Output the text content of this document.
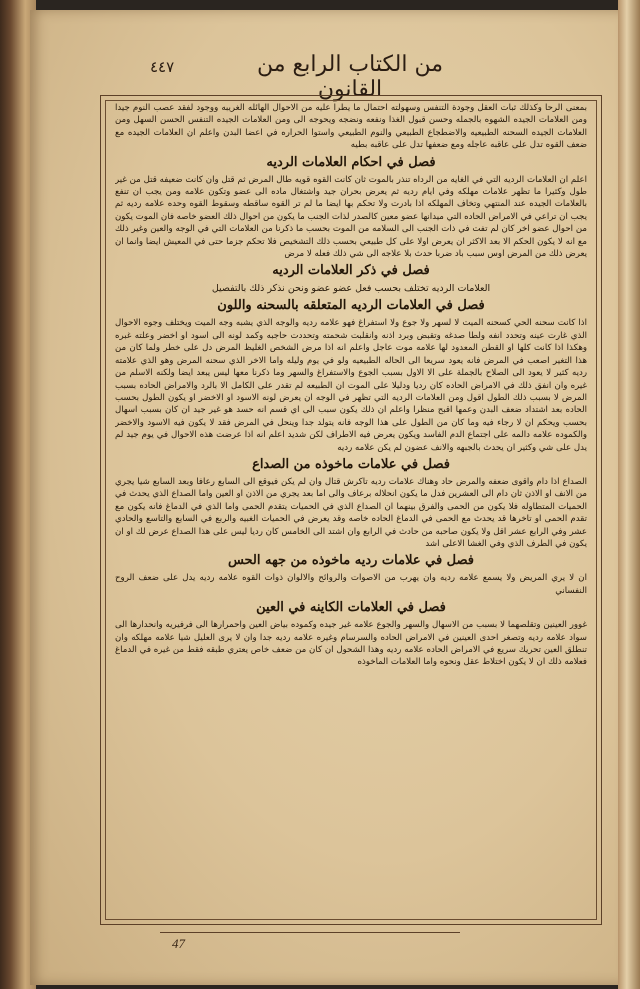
٤٤٧	من الكتاب الرابع من القانون

بمعنى الرحا وكذلك ثبات العقل وجودة التنفس وسهولته احتمال ما يطرا عليه من الاحوال الهائله الغريبه ووجود لفقد عصب النوم جيدا ومن العلامات الجيده الشهوه بالجمله وحسن قبول الغذا ونفعه ونضجه ويحوجه الى ومن العلامات الجيده التنفس الحسن السهل ومن العلامات الجيده السحنه الطبيعيه والاضطجاع الطبيعي والنوم الطبيعي واستوا الحراره في اعضا البدن واعلم ان العلامات الجيده مع ضعف القوه تدل على عاقبه عاجله ومع ضعفها تدل على عاقبه بطيه

فصل في احكام العلامات الرديه

اعلم ان العلامات الرديه التي في الغايه من الرداه تنذر بالموت ثان كانت القوه قويه طال المرض ثم قتل وان كانت ضعيفه قتل من غير طول وكثيرا ما تظهر علامات مهلكه وفي ايام رديه ثم يعرض بحران جيد واشتغال ماده الى عضو وتكون علامه ومن يجب ان تنفع بالعلامات الجيده عند المنتهي وتخاف المهلكه اذا بادرت ولا تحكم بها ايضا ما لم تر القوه ساقطه وسقوط القوه وحده علامه رديه ثم يجب ان تراعي في الامراض الحاده التي ميدانها عضو معين كالصدر لذات الجنب ما يكون من احوال ذلك العضو خاصه فان الموت يكون من احوال عضو اخر كان لم تفت في ذات الجنب الى السلامه من الموت بحسب ما ذكرنا من العلامات التي في الوجه والعين وغير ذلك مع انه لا يكون الحكم الا بعد الاكثر ان يعرض اولا على كل طبيعي بحسب ذلك التشخيص فلا تحكم جزما حتى في المعيش ايضا وانما ان يعرض ذلك من المرض اوس سبب باد ضربا حدث بلا علاجه الى شي ذلك فعله لا مرض

فصل في ذكر العلامات الرديه

العلامات الرديه تختلف بحسب فعل عضو عضو ونحن نذكر ذلك بالتفصيل

فصل في العلامات الرديه المتعلقه بالسحنه واللون

اذا كانت سحنه الحي كسحنه الميت لا لسهر ولا جوع ولا استفراغ فهو علامه رديه والوجه الذي يشبه وجه الميت ويختلف وجوه الاحوال الذي غارت عينه وتحدد انفه ولطا صدغه وتقبض وبرد اذنه وانقلبت شحمته وتحددت حاجبه وكمد لونه الى اسود او اخضر وعلته غبره وهكذا اذا كانت كلها او القطن المعدود لها علامه موت عاجل واعلم انه اذا مرض الشخص الغليظ المرض دل على خطر ولما كان من هذا التغير اصعب في المرض فانه يعود سريعا الى الحاله الطبيعيه ولو في يوم وليله واما الاخر الذي سحنه المرض وهو الذي علامته رديه كثير لا يعود الى الصلاح بالجملة على الا الاول بسبب الجوع والاستفراغ والسهر وما ذكرنا معها ليس يبعد ايضا ولكنه الاسلم من غيره وان انفق ذلك في الامراض الحاده كان رديا ودليلا على الموت ان الطبيعه لم تقدر على الكامل الا بالرد والامراض الحاده بسبب المرض لا بسبب ذلك الطول اقول ومن العلامات الرديه التي تظهر في الوجه ان يعرض لونه الاسود او الاخضر او يكون الطول بحسب الحاده بعد اشتداد ضعف البدن وعمها اقبح منظرا واعلم ان ذلك يكون سبب الى اي قسم انه حسد هو غير جيد ان كان بسبب اسهال بحسب ويحكم ان لا رجاء فيه وما كان من الطول على هذا الوجه فانه يتولد جدا وينحل في المرض فقد لا يكون فيه الاسود والاخضر والكموده علامه دالمه على اجتماع الدم الفاسد ويكون يعرض فيه الاطراف لكن شديد اعلم انه اذا عرضت هذه الاحوال في يوم جيد لم يدل على شي وكثير ان يحدث بالجبهه والانف عضون لم يكن علامه رديه

فصل في علامات ماخوذه من الصداع

الصداع اذا دام واقوى ضعفه والمرض حاد وهناك علامات رديه تاكرش قتال وان لم يكن فيوقع الى السابع رعافا وبعد السابع شيا يجري من الانف او الاذن ثان دام الى العشرين فدل ما يكون انحلاله برعاف والى اما بعد يجري من الاذن او العين واما الصداع الذي يحدث في الحميات المتطاوله فلا يكون من الحمى والفرق بينهما ان الصداع الذي في الحميات يتقدم الحمى واما الذي في الدماغ فانه يكون مع تقدم الحمى او تاخرها قد يحدث مع الحمى في الدماغ الحاده خاصه وقد يعرض في الحميات الغبيه والربع في السابع والتاسع والحادي عشر وفي الرابع عشر اقل ولا يكون صاحبه من حادث في الرابع وان اشتد الى الخامس كان رديا ليس على هذا الصداع عرض لك او ان يكون في الطرف الذي وفي الغشا الاعلى اشد

فصل في علامات رديه ماخوذه من جهه الحس

ان لا يري المريض ولا يسمع علامه رديه وان يهرب من الاصوات والروائح والالوان ذوات القوه علامه رديه يدل على ضعف الروح النفساني

فصل في العلامات الكاينه في العين

غوور العينين وتقلصهما لا بسبب من الاسهال والسهر والجوع علامه غير جيده وكموده بياض العين واحمرارها الى فرفيريه وانحدارها الى سواد علامه رديه وتصغر احدى العينين في الامراض الحاده والسرسام وغيره علامه رديه جدا وان لا يرى العليل شيا علامه مهلكه وان تنطلق العين تحريك سريع في الامراض الحاده علامه رديه وهذا الشحول ان كان من ضعف خاص يعتري طبقه فقط من غيره في الدماغ فعلامه ذلك ان لا يكون اختلاط عقل ونحوه واما العلامات الماخوذه

47
